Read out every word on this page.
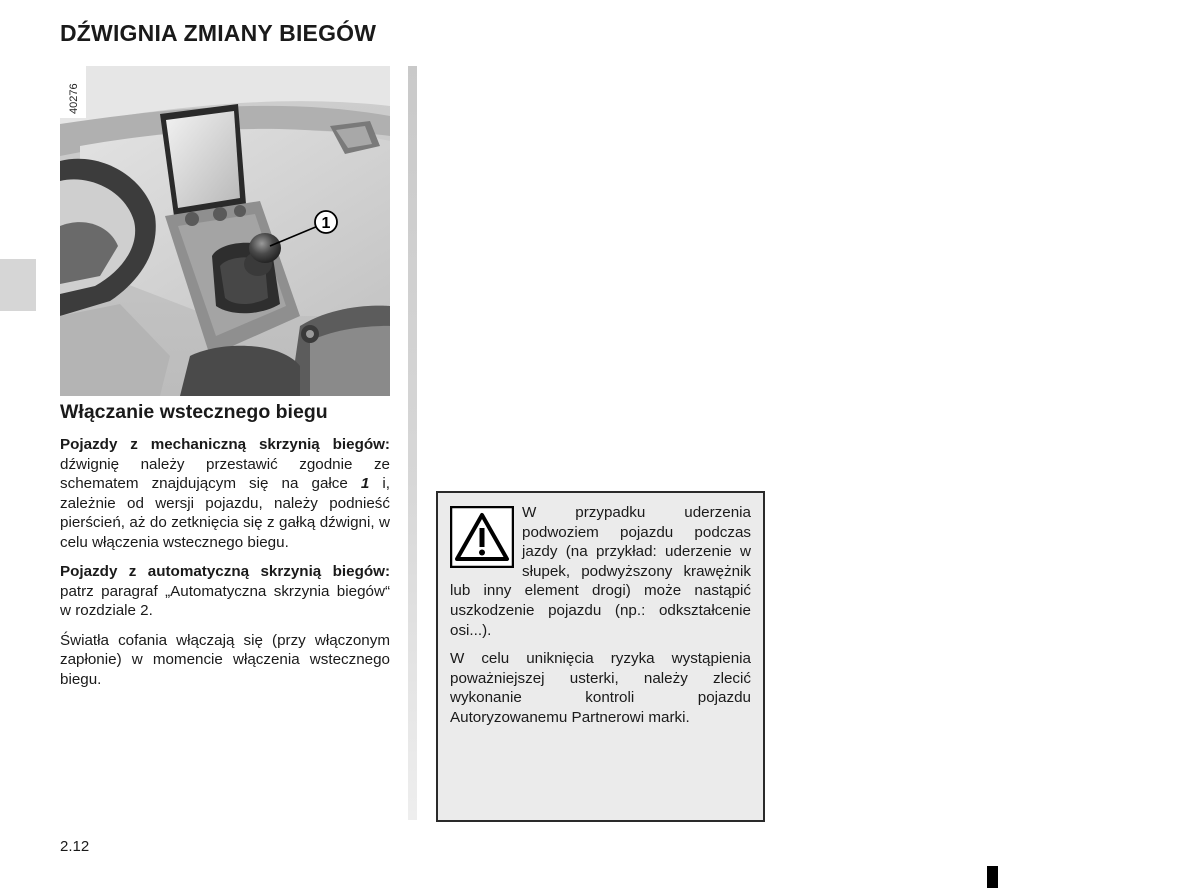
DŹWIGNIA ZMIANY BIEGÓW
1
40276
Włączanie wstecznego biegu

Pojazdy z mechaniczną skrzynią biegów: dźwignię należy przestawić zgodnie ze schematem znajdującym się na gałce 1 i, zależnie od wersji pojazdu, należy podnieść pierścień, aż do zetknięcia się z gałką dźwigni, w celu włączenia wstecznego biegu.

Pojazdy z automatyczną skrzynią biegów: patrz paragraf „Automatyczna skrzynia biegów“ w rozdziale 2.

Światła cofania włączają się (przy włączonym zapłonie) w momencie włączenia wstecznego biegu.

W przypadku uderzenia podwoziem pojazdu podczas jazdy (na przykład: uderzenie w słupek, podwyższony krawężnik lub inny element drogi) może nastąpić uszkodzenie pojazdu (np.: odkształcenie osi...).

W celu uniknięcia ryzyka wystąpienia poważniejszej usterki, należy zlecić wykonanie kontroli pojazdu Autoryzowanemu Partnerowi marki.

2.12
